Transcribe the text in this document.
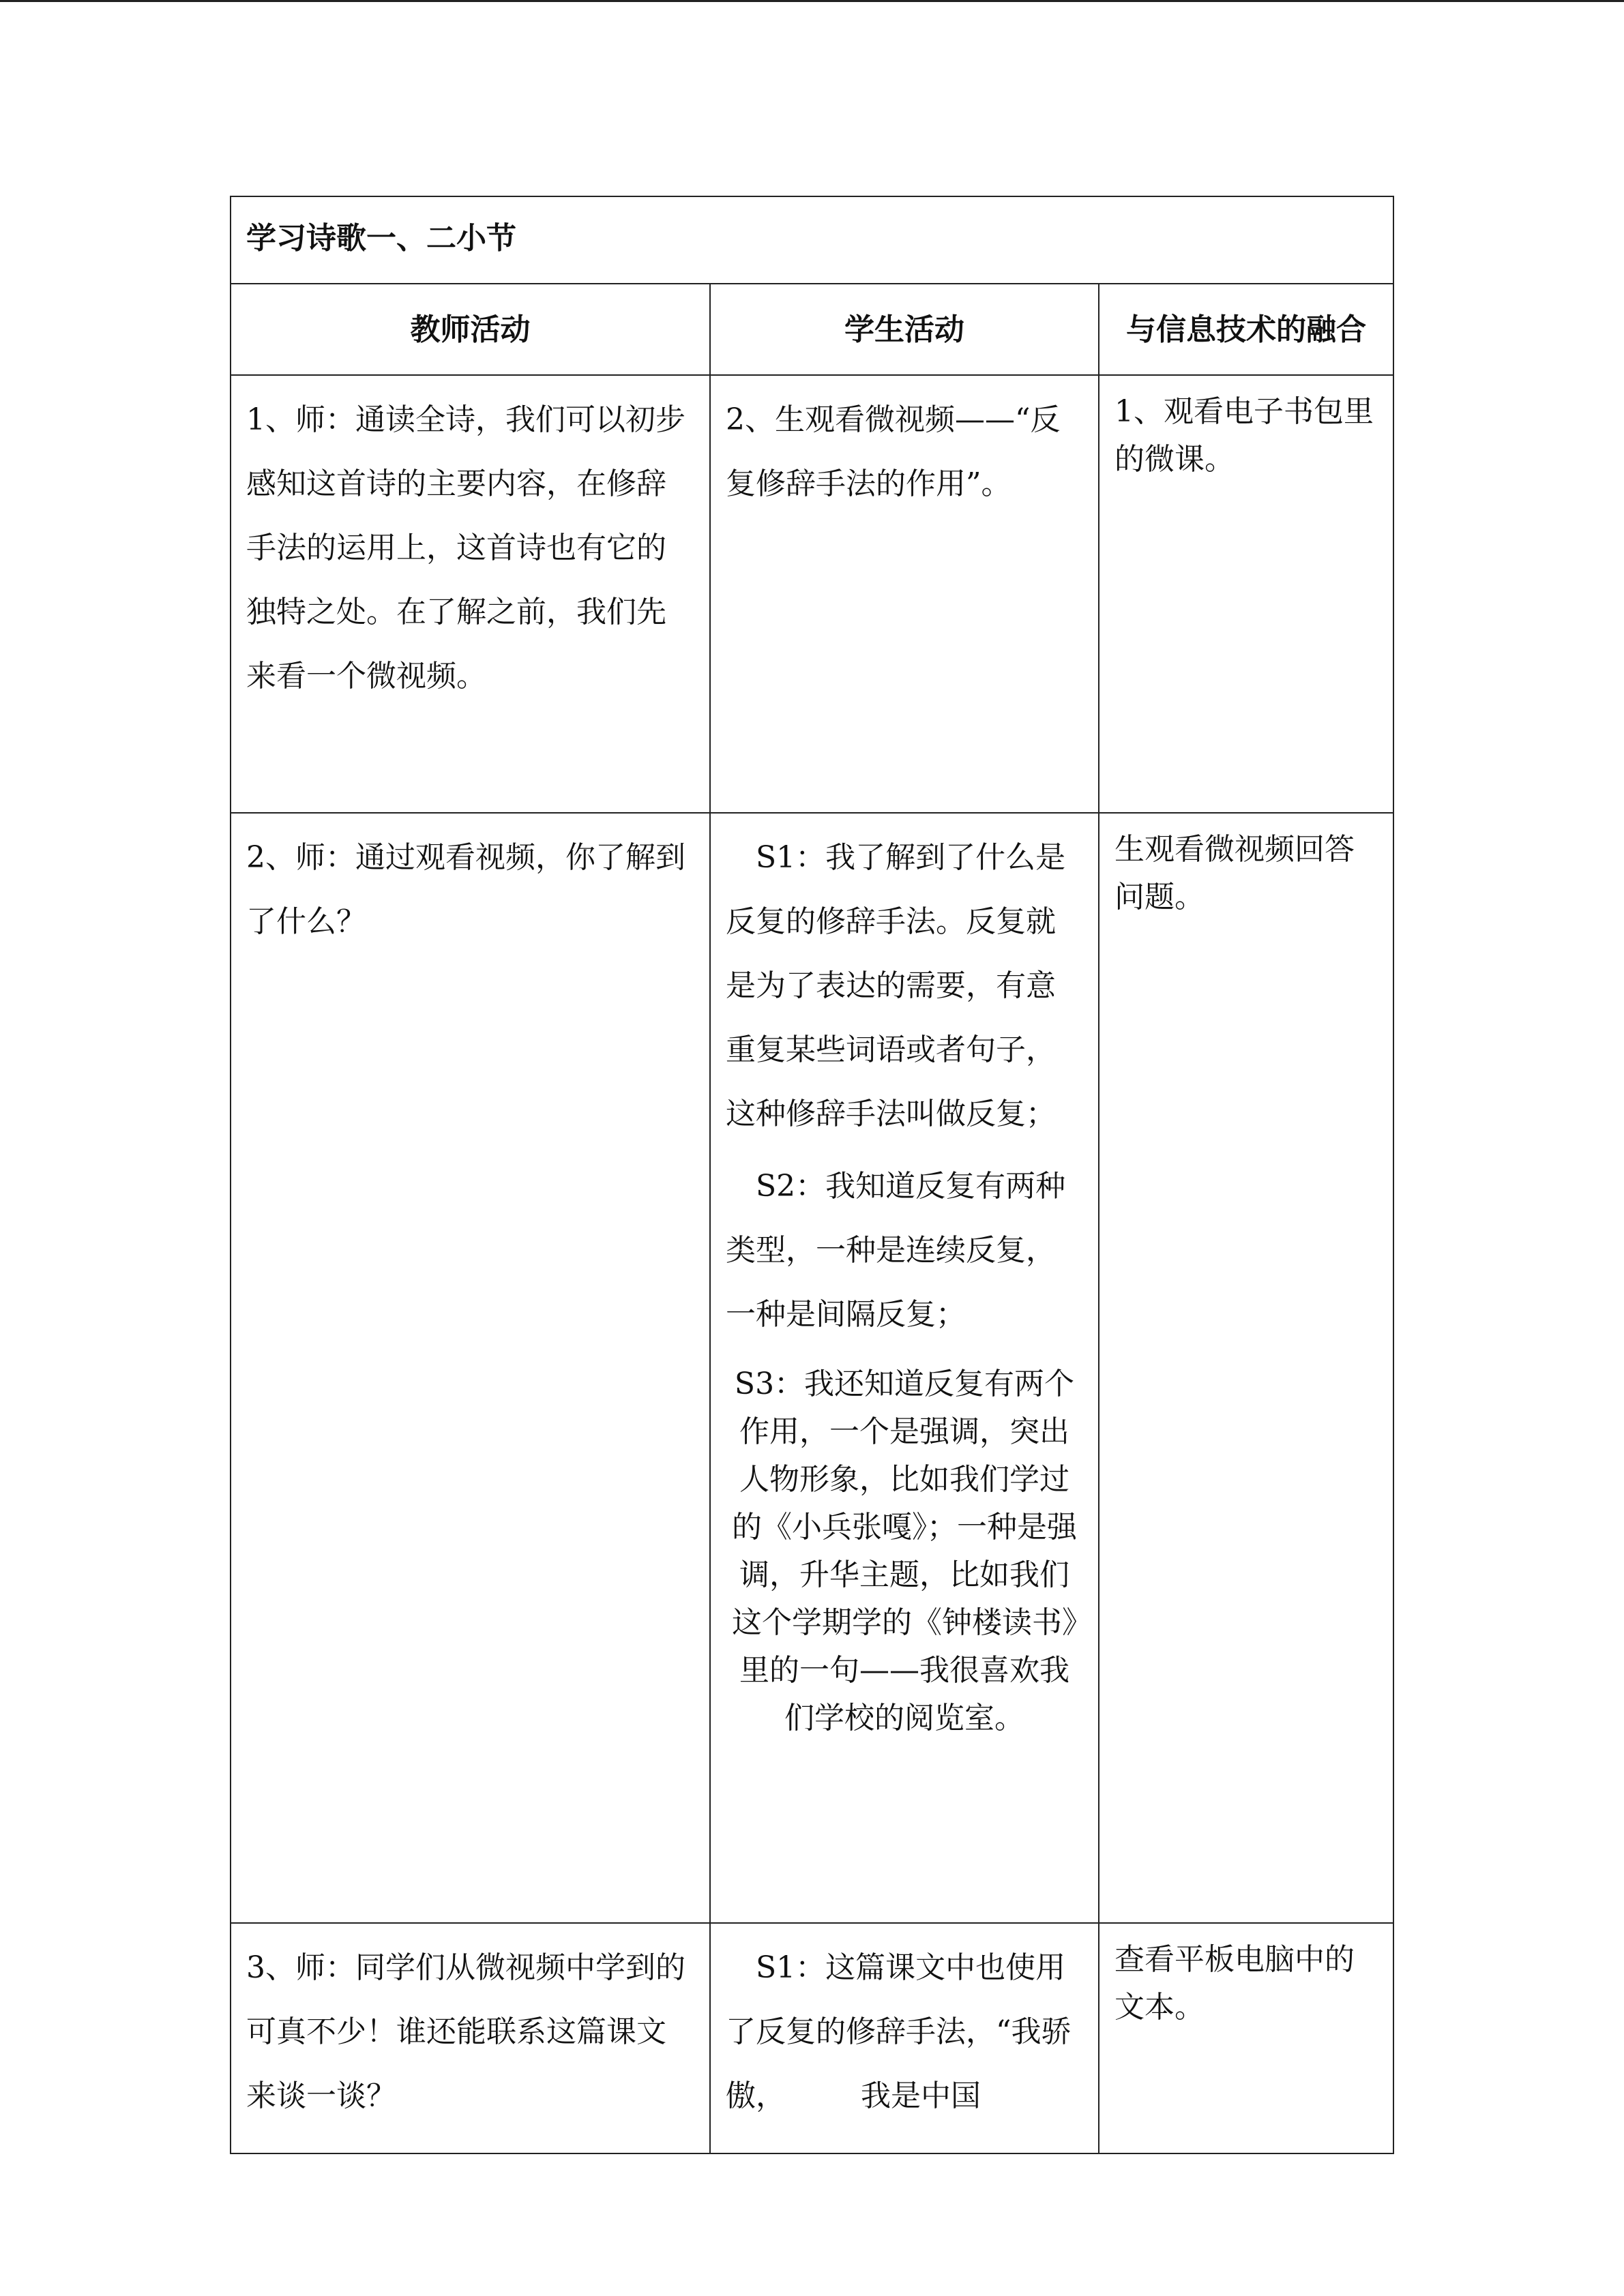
学习诗歌一、二小节		
教师活动	学生活动	与信息技术的融合

1、师：通读全诗，我们可以初步感知这首诗的主要内容，在修辞手法的运用上，这首诗也有它的独特之处。在了解之前，我们先来看一个微视频。	2、生观看微视频——“反复修辞手法的作用”。	1、观看电子书包里的微课。

2、师：通过观看视频，你了解到了什么？	S1：我了解到了什么是反复的修辞手法。反复就是为了表达的需要，有意重复某些词语或者句子，这种修辞手法叫做反复；

S2：我知道反复有两种类型，一种是连续反复，一种是间隔反复；

S3：我还知道反复有两个作用，一个是强调，突出人物形象，比如我们学过的《小兵张嘎》；一种是强调，升华主题，比如我们这个学期学的《钟楼读书》里的一句——我很喜欢我们学校的阅览室。	生观看微视频回答问题。

3、师：同学们从微视频中学到的可真不少！谁还能联系这篇课文来谈一谈？	S1：这篇课文中也使用了反复的修辞手法，“我骄傲，　　　我是中国	查看平板电脑中的文本。
